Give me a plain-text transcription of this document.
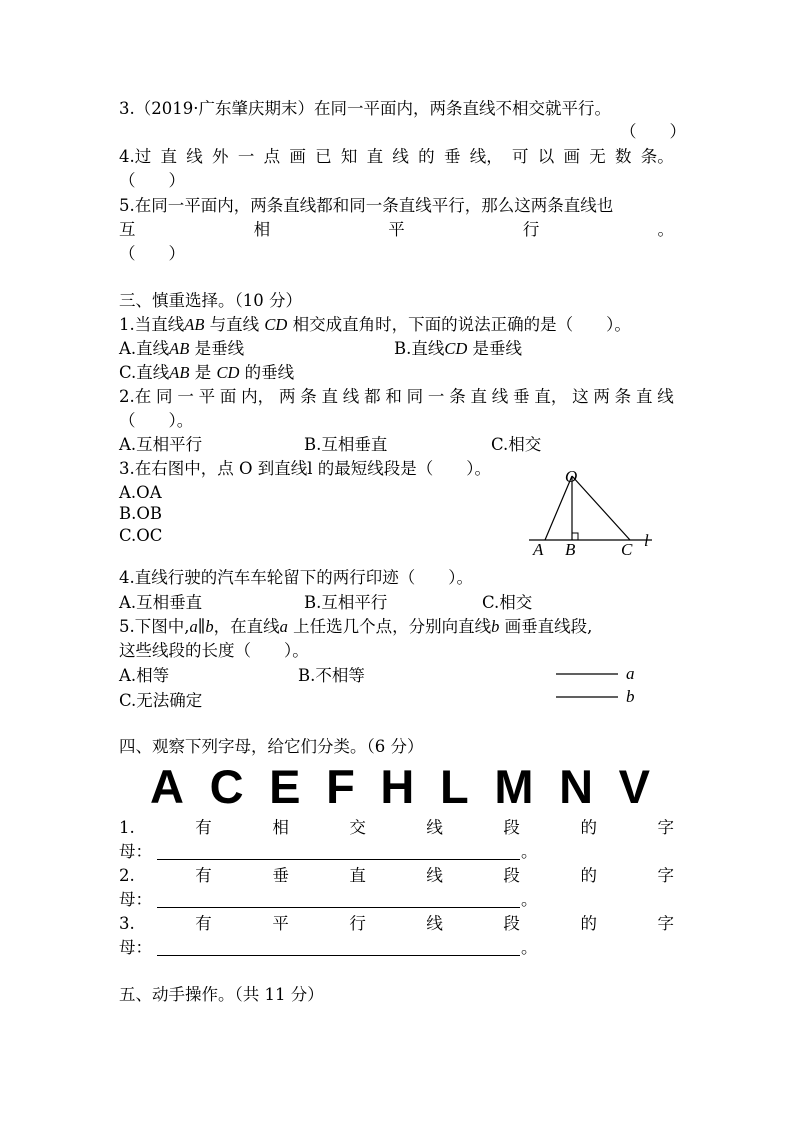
3.（2019·广东肇庆期末）在同一平面内，两条直线不相交就平行。
（　　）
4.过 直 线 外 一 点 画 已 知 直 线 的 垂 线， 可 以 画 无 数 条。
（　　）
5.在同一平面内，两条直线都和同一条直线平行，那么这两条直线也
互	相	平	行	。
（　　）
三、慎重选择。（10 分）
1.当直线AB 与直线 CD 相交成直角时，下面的说法正确的是（　　）。
A.直线AB 是垂线	B.直线CD 是垂线
C.直线AB 是 CD 的垂线
2.在 同 一 平 面 内， 两 条 直 线 都 和 同 一 条 直 线 垂 直， 这 两 条 直 线
（　　）。
A.互相平行	B.互相垂直	C.相交
3.在右图中，点 O 到直线l 的最短线段是（　　）。
A.OA
B.OB
C.OC
O
A B	C l
4.直线行驶的汽车车轮留下的两行印迹（　　）。
A.互相垂直	B.互相平行	C.相交
5.下图中,a∥b，在直线a 上任选几个点，分别向直线b 画垂直线段,
这些线段的长度（　　）。
A.相等	B.不相等
C.无法确定
a
b
四、观察下列字母，给它们分类。（6 分）
A C E F H L M N V
1.	有	相	交	线	段	的	字
母：	。
2.	有	垂	直	线	段	的	字
母：	。
3.	有	平	行	线	段	的	字
母：	。
五、动手操作。（共 11 分）
